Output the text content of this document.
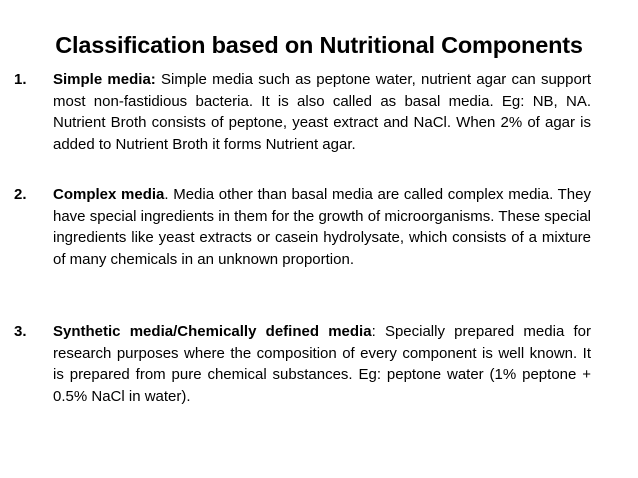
Classification based on Nutritional Components
1. Simple media: Simple media such as peptone water, nutrient agar can support most non-fastidious bacteria. It is also called as basal media. Eg: NB, NA. Nutrient Broth consists of peptone, yeast extract and NaCl. When 2% of agar is added to Nutrient Broth it forms Nutrient agar.
2. Complex media. Media other than basal media are called complex media. They have special ingredients in them for the growth of microorganisms. These special ingredients like yeast extracts or casein hydrolysate, which consists of a mixture of many chemicals in an unknown proportion.
3. Synthetic media/Chemically defined media: Specially prepared media for research purposes where the composition of every component is well known. It is prepared from pure chemical substances. Eg: peptone water (1% peptone + 0.5% NaCl in water).
